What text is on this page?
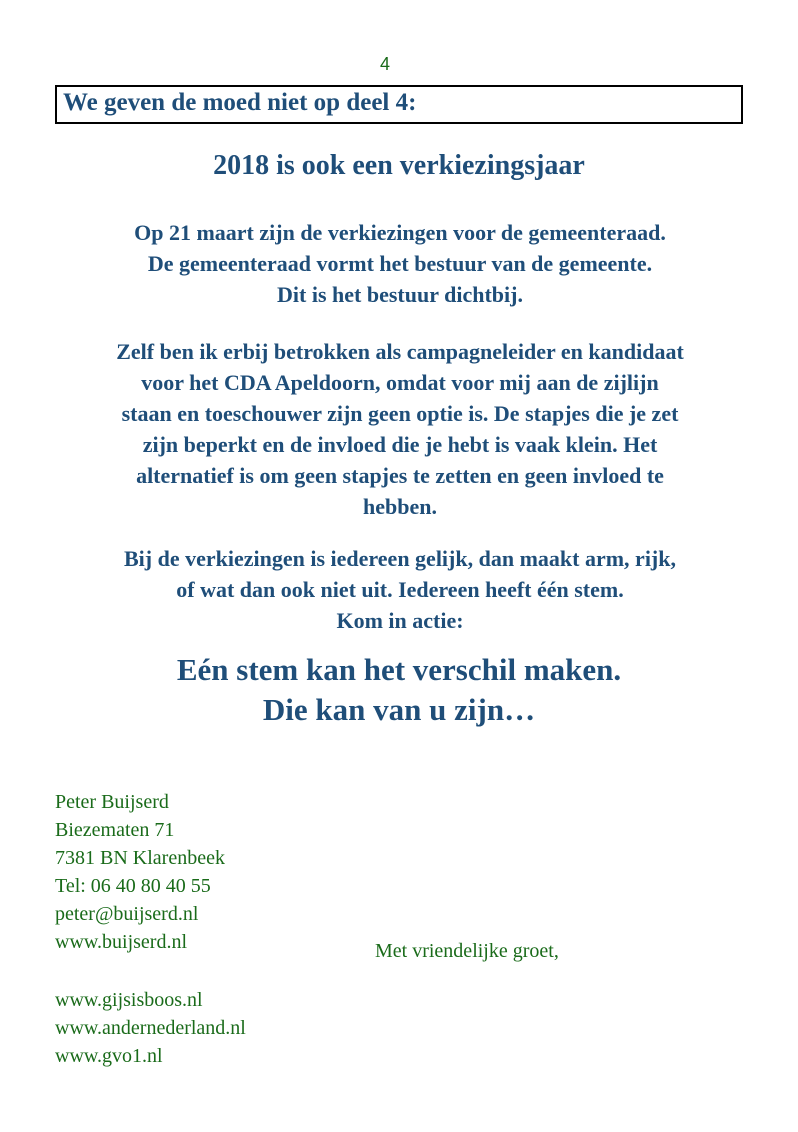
4
We geven de moed niet op deel 4:
2018 is ook een verkiezingsjaar
Op 21 maart zijn de verkiezingen voor de gemeenteraad.
De gemeenteraad vormt het bestuur van de gemeente.
Dit is het bestuur dichtbij.
Zelf ben ik erbij betrokken als campagneleider en kandidaat
voor het CDA Apeldoorn, omdat voor mij aan de zijlijn
staan en toeschouwer zijn geen optie is. De stapjes die je zet
zijn beperkt en de invloed die je hebt is vaak klein. Het
alternatief is om geen stapjes te zetten en geen invloed te
hebben.
Bij de verkiezingen is iedereen gelijk, dan maakt arm, rijk,
of wat dan ook niet uit. Iedereen heeft één stem.
Kom in actie:
Eén stem kan het verschil maken.
Die kan van u zijn…
Peter Buijserd
Biezematen 71
7381 BN Klarenbeek
Tel: 06 40 80 40 55
peter@buijserd.nl
www.buijserd.nl	Met vriendelijke groet,
www.gijsisboos.nl
www.andernederland.nl
www.gvo1.nl
